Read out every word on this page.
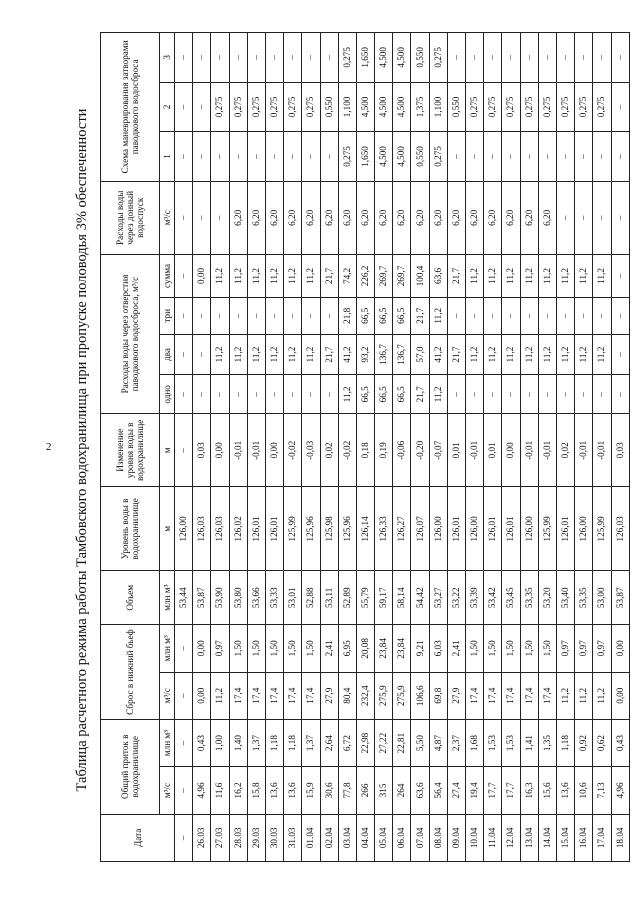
2 Таблица расчетного режима работы Тамбовского водохранилища при пропуске половодья 3% обеспеченности
Дата	Общий приток в водохранилище		Сброс в нижний бьеф		Объем	Уровень воды в водохранилище	Изменение уровня воды в водохранилище	Расходы воды через отверстия паводкового водосброса, м³/с				Расходы воды через донный водоспуск	Схема маневрирования затворами паводкового водосброса		
	м³/с	млн м³	м³/с	млн м³	млн м³	м	м	одно	два	три	сумма	м³/с	1	2	3
–	–	–	–	–	53,44	126,00	–	–	–	–	–	–	–	–	–
26.03	4,96	0,43	0,00	0,00	53,87	126,03	0,03	–	–	–	0,00	–	–	–	–
27.03	11,6	1,00	11,2	0,97	53,90	126,03	0,00	–	11,2	–	11,2	–	–	0,275	–
28.03	16,2	1,40	17,4	1,50	53,80	126,02	-0,01	–	11,2	–	11,2	6,20	–	0,275	–
29.03	15,8	1,37	17,4	1,50	53,66	126,01	-0,01	–	11,2	–	11,2	6,20	–	0,275	–
30.03	13,6	1,18	17,4	1,50	53,33	126,01	0,00	–	11,2	–	11,2	6,20	–	0,275	–
31.03	13,6	1,18	17,4	1,50	53,01	125,99	-0,02	–	11,2	–	11,2	6,20	–	0,275	–
01.04	15,9	1,37	17,4	1,50	52,88	125,96	-0,03	–	11,2	–	11,2	6,20	–	0,275	–
02.04	30,6	2,64	27,9	2,41	53,11	125,98	0,02	–	21,7	–	21,7	6,20	–	0,550	–
03.04	77,8	6,72	80,4	6,95	52,89	125,96	-0,02	11,2	41,2	21,8	74,2	6,20	0,275	1,100	0,275
04.04	266	22,98	232,4	20,08	55,79	126,14	0,18	66,5	93,2	66,5	226,2	6,20	1,650	4,500	1,650
05.04	315	27,22	275,9	23,84	59,17	126,33	0,19	66,5	136,7	66,5	269,7	6,20	4,500	4,500	4,500
06.04	264	22,81	275,9	23,84	58,14	126,27	-0,06	66,5	136,7	66,5	269,7	6,20	4,500	4,500	4,500
07.04	63,6	5,50	106,6	9,21	54,42	126,07	-0,20	21,7	57,0	21,7	100,4	6,20	0,550	1,375	0,550
08.04	56,4	4,87	69,8	6,03	53,27	126,00	-0,07	11,2	41,2	11,2	63,6	6,20	0,275	1,100	0,275
09.04	27,4	2,37	27,9	2,41	53,22	126,01	0,01	–	21,7	–	21,7	6,20	–	0,550	–
10.04	19,4	1,68	17,4	1,50	53,39	126,00	-0,01	–	11,2	–	11,2	6,20	–	0,275	–
11.04	17,7	1,53	17,4	1,50	53,42	126,01	0,01	–	11,2	–	11,2	6,20	–	0,275	–
12.04	17,7	1,53	17,4	1,50	53,45	126,01	0,00	–	11,2	–	11,2	6,20	–	0,275	–
13.04	16,3	1,41	17,4	1,50	53,35	126,00	-0,01	–	11,2	–	11,2	6,20	–	0,275	–
14.04	15,6	1,35	17,4	1,50	53,20	125,99	-0,01	–	11,2	–	11,2	6,20	–	0,275	–
15.04	13,6	1,18	11,2	0,97	53,40	126,01	0,02	–	11,2	–	11,2	–	–	0,275	–
16.04	10,6	0,92	11,2	0,97	53,35	126,00	-0,01	–	11,2	–	11,2	–	–	0,275	–
17.04	7,13	0,62	11,2	0,97	53,00	125,99	-0,01	–	11,2	–	11,2	–	–	0,275	–
18.04	4,96	0,43	0,00	0,00	53,87	126,03	0,03	–	–	–	–	–	–	–	–
